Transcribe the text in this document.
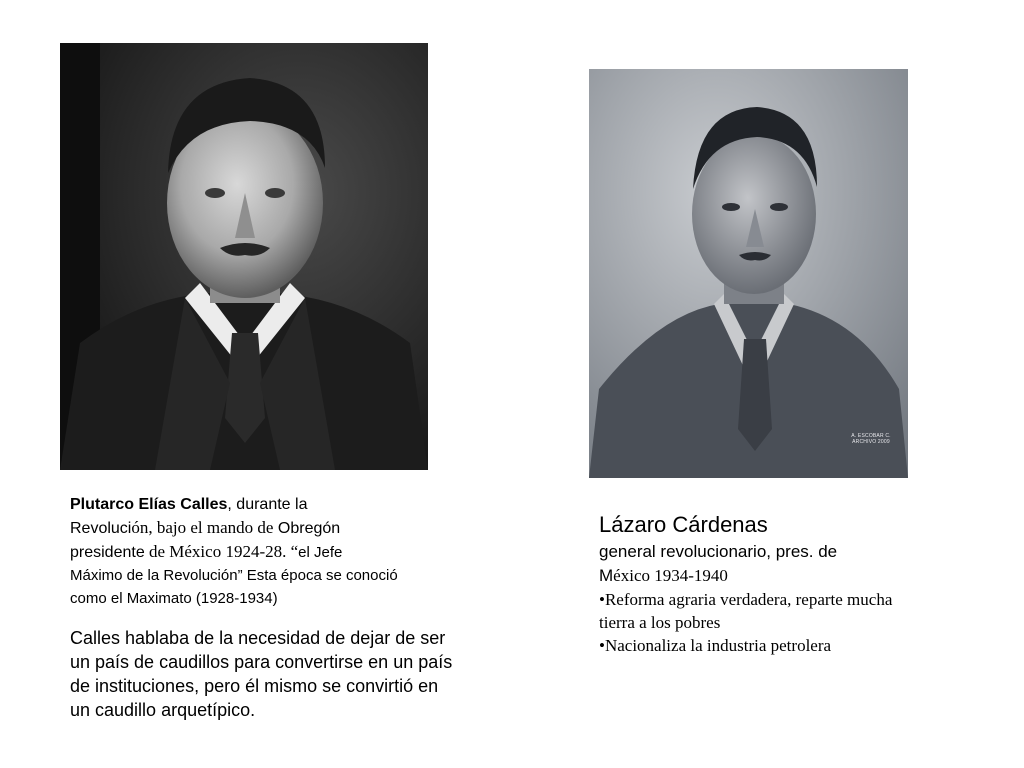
A. ESCOBAR C. ARCHIVO 2009
Plutarco Elías Calles, durante la
Revolución, bajo el mando de Obregón
presidente de México 1924-28. “el Jefe
Máximo de la Revolución” Esta época se conoció
como el Maximato (1928-1934)
Calles hablaba de la necesidad de dejar de ser un país de caudillos para convertirse en un país de instituciones, pero él mismo se convirtió en un caudillo arquetípico.
Lázaro Cárdenas
general revolucionario, pres. de
México 1934-1940
•Reforma agraria verdadera, reparte mucha tierra a los pobres
•Nacionaliza la industria petrolera
